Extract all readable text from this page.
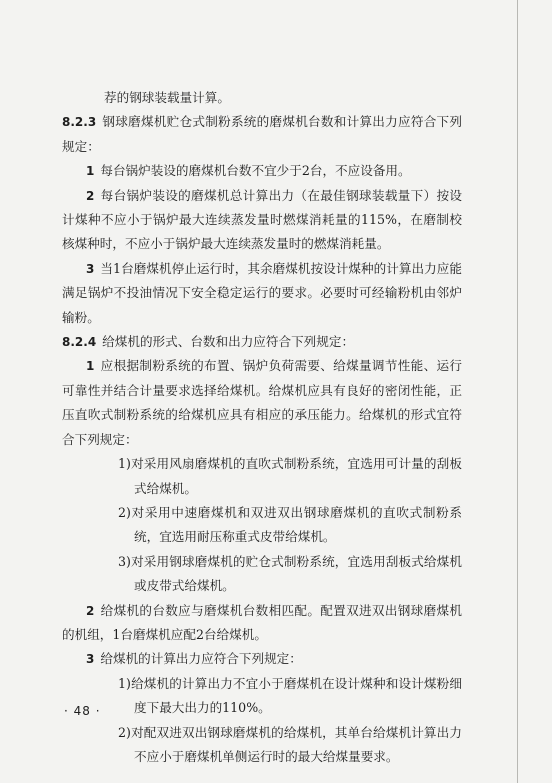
荐的钢球装载量计算。

8.2.3 钢球磨煤机贮仓式制粉系统的磨煤机台数和计算出力应符合下列规定：

1 每台锅炉装设的磨煤机台数不宜少于2台，不应设备用。

2 每台锅炉装设的磨煤机总计算出力（在最佳钢球装载量下）按设计煤种不应小于锅炉最大连续蒸发量时燃煤消耗量的115%，在磨制校核煤种时，不应小于锅炉最大连续蒸发量时的燃煤消耗量。

3 当1台磨煤机停止运行时，其余磨煤机按设计煤种的计算出力应能满足锅炉不投油情况下安全稳定运行的要求。必要时可经输粉机由邻炉输粉。

8.2.4 给煤机的形式、台数和出力应符合下列规定：

1 应根据制粉系统的布置、锅炉负荷需要、给煤量调节性能、运行可靠性并结合计量要求选择给煤机。给煤机应具有良好的密闭性能，正压直吹式制粉系统的给煤机应具有相应的承压能力。给煤机的形式宜符合下列规定：

1)对采用风扇磨煤机的直吹式制粉系统，宜选用可计量的刮板式给煤机。

2)对采用中速磨煤机和双进双出钢球磨煤机的直吹式制粉系统，宜选用耐压称重式皮带给煤机。

3)对采用钢球磨煤机的贮仓式制粉系统，宜选用刮板式给煤机或皮带式给煤机。

2 给煤机的台数应与磨煤机台数相匹配。配置双进双出钢球磨煤机的机组，1台磨煤机应配2台给煤机。

3 给煤机的计算出力应符合下列规定：

1)给煤机的计算出力不宜小于磨煤机在设计煤种和设计煤粉细度下最大出力的110%。

2)对配双进双出钢球磨煤机的给煤机，其单台给煤机计算出力不应小于磨煤机单侧运行时的最大给煤量要求。

· 48 ·
